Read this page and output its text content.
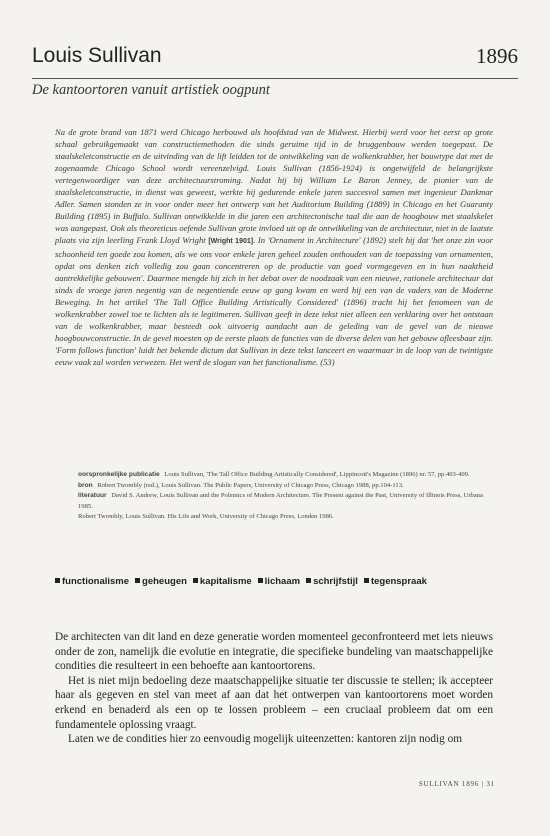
Louis Sullivan	1896
De kantoortoren vanuit artistiek oogpunt
Na de grote brand van 1871 werd Chicago herbouwd als hoofdstad van de Midwest. Hierbij werd voor het eerst op grote schaal gebruikgemaakt van constructiemethoden die sinds geruime tijd in de bruggenbouw werden toegepast. De staalskeletconstructie en de uitvinding van de lift leidden tot de ontwikkeling van de wolkenkrabber, het bouwtype dat met de zogenaamde Chicago School wordt vereenzelvigd. Louis Sullivan (1856-1924) is ongetwijfeld de belangrijkste vertegenwoordiger van deze architectuurstroming. Nadat hij bij William Le Baron Jenney, de pionier van de staalskeletconstructie, in dienst was geweest, werkte hij gedurende enkele jaren succesvol samen met ingenieur Dankmar Adler. Samen stonden ze in voor onder meer het ontwerp van het Auditorium Building (1889) in Chicago en het Guaranty Building (1895) in Buffalo. Sullivan ontwikkelde in die jaren een architectonische taal die aan de hoogbouw met staalskelet was aangepast. Ook als theoreticus oefende Sullivan grote invloed uit op de ontwikkeling van de architectuur, niet in de laatste plaats via zijn leerling Frank Lloyd Wright [Wright 1901]. In 'Ornament in Architecture' (1892) stelt hij dat 'het onze zin voor schoonheid ten goede zou komen, als we ons voor enkele jaren geheel zouden onthouden van de toepassing van ornamenten, opdat ons denken zich volledig zou gaan concentreren op de productie van goed vormgegeven en in hun naaktheid aantrekkelijke gebouwen'. Daarmee mengde hij zich in het debat over de noodzaak van een nieuwe, rationele architectuur dat sinds de vroege jaren negentig van de negentiende eeuw op gang kwam en werd hij een van de vaders van de Moderne Beweging. In het artikel 'The Tall Office Building Artistically Considered' (1896) tracht hij het fenomeen van de wolkenkrabber zowel toe te lichten als te legitimeren. Sullivan geeft in deze tekst niet alleen een verklaring over het ontstaan van de wolkenkrabber, maar besteedt ook uitvoerig aandacht aan de geleding van de gevel van de nieuwe hoogbouwconstructie. In de gevel moesten op de eerste plaats de functies van de diverse delen van het gebouw afleesbaar zijn. 'Form follows function' luidt het bekende dictum dat Sullivan in deze tekst lanceert en waarmaar in de loop van de twintigste eeuw vaak zal worden verwezen. Het werd de slogan van het functionalisme. (53)

oorspronkelijke publicatie Louis Sullivan, 'The Tall Office Building Artistically Considered', Lippincott's Magazine (1896) nr. 57, pp.403-409.

bron Robert Twombly (red.), Louis Sullivan. The Public Papers, University of Chicago Press, Chicago 1988, pp.104-113.

literatuur David S. Andrew, Louis Sullivan and the Polemics of Modern Architecture. The Present against the Past, University of Illinois Press, Urbana 1985.

Robert Twombly, Louis Sullivan. His Life and Work, University of Chicago Press, Londen 1986.

functionalisme	geheugen	kapitalisme	lichaam	schrijfstijl	tegenspraak

De architecten van dit land en deze generatie worden momenteel geconfronteerd met iets nieuws onder de zon, namelijk die evolutie en integratie, die specifieke bundeling van maatschappelijke condities die resulteert in een behoefte aan kantoortorens.

Het is niet mijn bedoeling deze maatschappelijke situatie ter discussie te stellen; ik accepteer haar als gegeven en stel van meet af aan dat het ontwerpen van kantoortorens moet worden erkend en benaderd als een op te lossen probleem – een cruciaal probleem dat om een fundamentele oplossing vraagt.

Laten we de condities hier zo eenvoudig mogelijk uiteenzetten: kantoren zijn nodig om

SULLIVAN 1896 | 31
